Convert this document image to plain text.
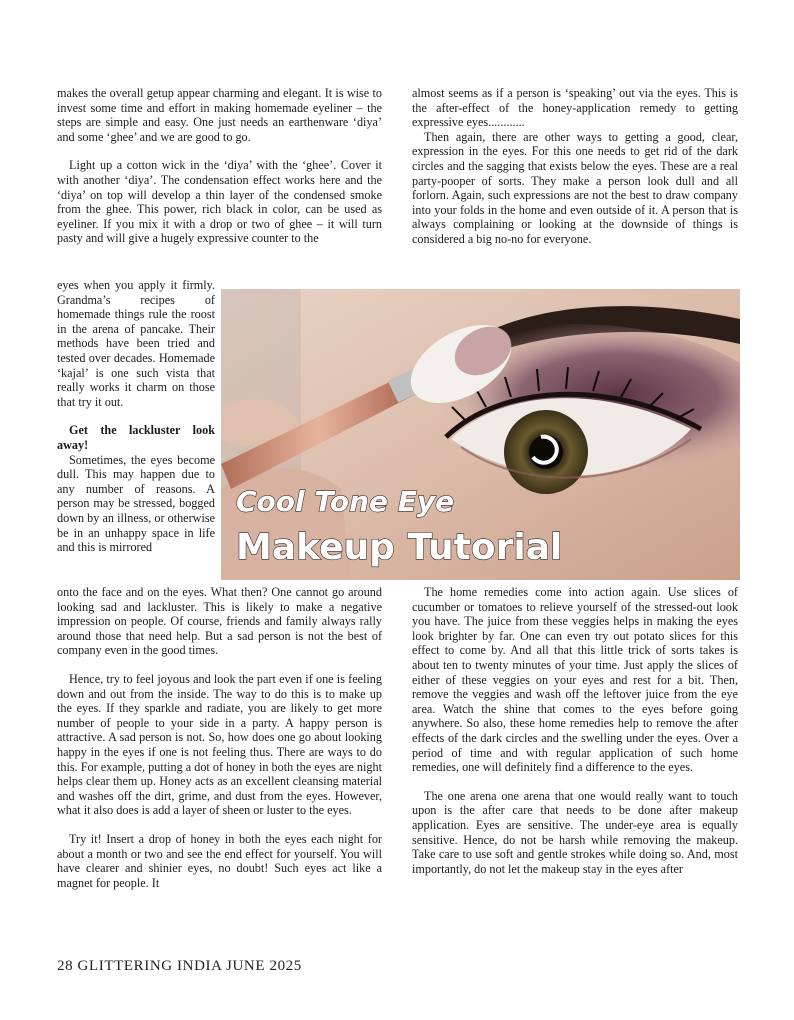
makes the overall getup appear charming and elegant. It is wise to invest some time and effort in making homemade eyeliner – the steps are simple and easy. One just needs an earthenware ‘diya’ and some ‘ghee’ and we are good to go.

Light up a cotton wick in the ‘diya’ with the ‘ghee’. Cover it with another ‘diya’. The condensation effect works here and the ‘diya’ on top will develop a thin layer of the condensed smoke from the ghee. This power, rich black in color, can be used as eyeliner. If you mix it with a drop or two of ghee – it will turn pasty and will give a hugely expressive counter to the

eyes when you apply it firmly. Grandma’s recipes of homemade things rule the roost in the arena of pancake. Their methods have been tried and tested over decades. Homemade ‘kajal’ is one such vista that really works it charm on those that try it out.

Get the lackluster look away!

Sometimes, the eyes become dull. This may happen due to any number of reasons. A person may be stressed, bogged down by an illness, or otherwise be in an unhappy space in life and this is mirrored

onto the face and on the eyes. What then? One cannot go around looking sad and lackluster. This is likely to make a negative impression on people. Of course, friends and family always rally around those that need help. But a sad person is not the best of company even in the good times.

Hence, try to feel joyous and look the part even if one is feeling down and out from the inside. The way to do this is to make up the eyes. If they sparkle and radiate, you are likely to get more number of people to your side in a party. A happy person is attractive. A sad person is not. So, how does one go about looking happy in the eyes if one is not feeling thus. There are ways to do this. For example, putting a dot of honey in both the eyes are night helps clear them up. Honey acts as an excellent cleansing material and washes off the dirt, grime, and dust from the eyes. However, what it also does is add a layer of sheen or luster to the eyes.

Try it! Insert a drop of honey in both the eyes each night for about a month or two and see the end effect for yourself. You will have clearer and shinier eyes, no doubt! Such eyes act like a magnet for people. It

almost seems as if a person is ‘speaking’ out via the eyes. This is the after-effect of the honey-application remedy to getting expressive eyes............

Then again, there are other ways to getting a good, clear, expression in the eyes. For this one needs to get rid of the dark circles and the sagging that exists below the eyes. These are a real party-pooper of sorts. They make a person look dull and all forlorn. Again, such expressions are not the best to draw company into your folds in the home and even outside of it. A person that is always complaining or looking at the downside of things is considered a big no-no for everyone.

Cool Tone Eye
Makeup Tutorial

The home remedies come into action again. Use slices of cucumber or tomatoes to relieve yourself of the stressed-out look you have. The juice from these veggies helps in making the eyes look brighter by far. One can even try out potato slices for this effect to come by. And all that this little trick of sorts takes is about ten to twenty minutes of your time. Just apply the slices of either of these veggies on your eyes and rest for a bit. Then, remove the veggies and wash off the leftover juice from the eye area. Watch the shine that comes to the eyes before going anywhere. So also, these home remedies help to remove the after effects of the dark circles and the swelling under the eyes. Over a period of time and with regular application of such home remedies, one will definitely find a difference to the eyes.

The one arena one arena that one would really want to touch upon is the after care that needs to be done after makeup application. Eyes are sensitive. The under-eye area is equally sensitive. Hence, do not be harsh while removing the makeup. Take care to use soft and gentle strokes while doing so. And, most importantly, do not let the makeup stay in the eyes after

28 GLITTERING INDIA JUNE 2025
